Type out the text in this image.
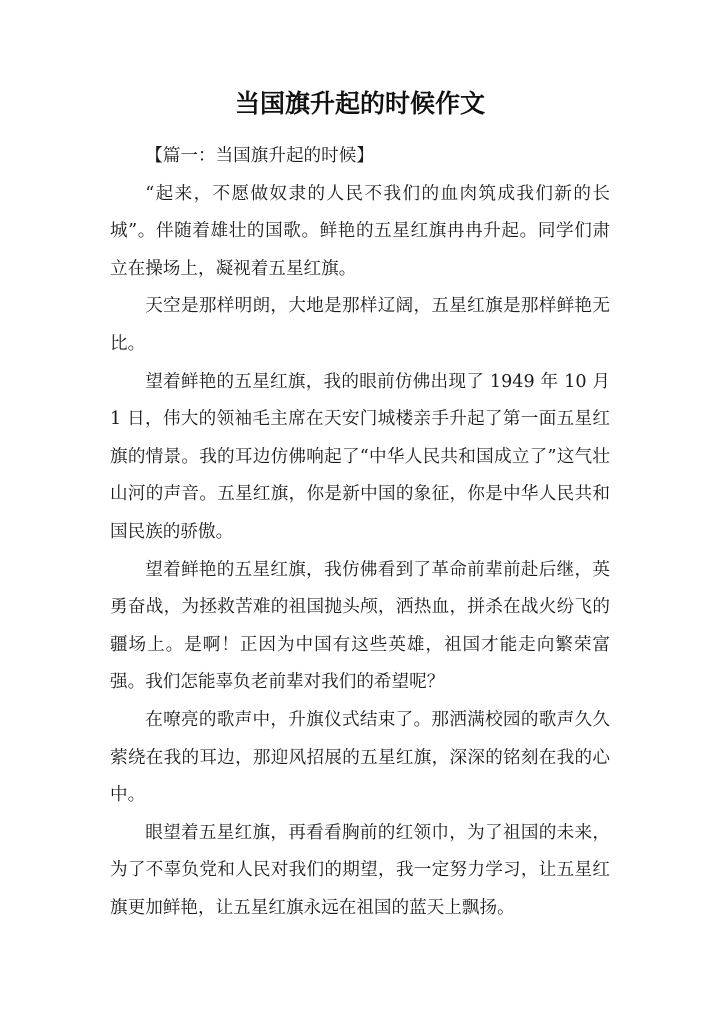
当国旗升起的时候作文

【篇一：当国旗升起的时候】

“起来，不愿做奴隶的人民不我们的血肉筑成我们新的长城”。伴随着雄壮的国歌。鲜艳的五星红旗冉冉升起。同学们肃立在操场上，凝视着五星红旗。

天空是那样明朗，大地是那样辽阔，五星红旗是那样鲜艳无比。

望着鲜艳的五星红旗，我的眼前仿佛出现了 1949 年 10 月 1 日，伟大的领袖毛主席在天安门城楼亲手升起了第一面五星红旗的情景。我的耳边仿佛响起了“中华人民共和国成立了”这气壮山河的声音。五星红旗，你是新中国的象征，你是中华人民共和国民族的骄傲。

望着鲜艳的五星红旗，我仿佛看到了革命前辈前赴后继，英勇奋战，为拯救苦难的祖国抛头颅，洒热血，拼杀在战火纷飞的疆场上。是啊！正因为中国有这些英雄，祖国才能走向繁荣富强。我们怎能辜负老前辈对我们的希望呢？

在嘹亮的歌声中，升旗仪式结束了。那洒满校园的歌声久久萦绕在我的耳边，那迎风招展的五星红旗，深深的铭刻在我的心中。

眼望着五星红旗，再看看胸前的红领巾，为了祖国的未来，为了不辜负党和人民对我们的期望，我一定努力学习，让五星红旗更加鲜艳，让五星红旗永远在祖国的蓝天上飘扬。
